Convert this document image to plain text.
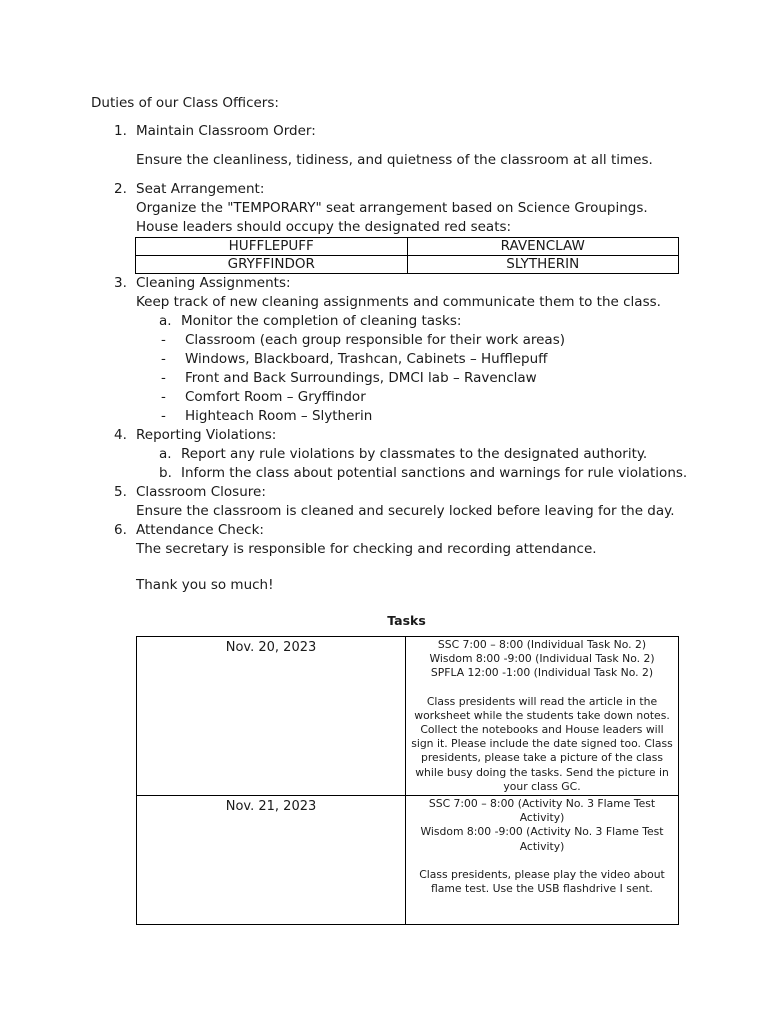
Duties of our Class Officers:
1. Maintain Classroom Order:
Ensure the cleanliness, tidiness, and quietness of the classroom at all times.
2. Seat Arrangement:
Organize the "TEMPORARY" seat arrangement based on Science Groupings.
House leaders should occupy the designated red seats:
HUFFLEPUFF	RAVENCLAW
GRYFFINDOR	SLYTHERIN
3. Cleaning Assignments:
Keep track of new cleaning assignments and communicate them to the class.
a. Monitor the completion of cleaning tasks:
- Classroom (each group responsible for their work areas)
- Windows, Blackboard, Trashcan, Cabinets – Hufflepuff
- Front and Back Surroundings, DMCI lab – Ravenclaw
- Comfort Room – Gryffindor
- Highteach Room – Slytherin
4. Reporting Violations:
a. Report any rule violations by classmates to the designated authority.
b. Inform the class about potential sanctions and warnings for rule violations.
5. Classroom Closure:
Ensure the classroom is cleaned and securely locked before leaving for the day.
6. Attendance Check:
The secretary is responsible for checking and recording attendance.
Thank you so much!
Tasks
Nov. 20, 2023	SSC 7:00 – 8:00 (Individual Task No. 2)
Wisdom 8:00 -9:00 (Individual Task No. 2)
SPFLA 12:00 -1:00 (Individual Task No. 2)
Class presidents will read the article in the worksheet while the students take down notes. Collect the notebooks and House leaders will sign it. Please include the date signed too. Class presidents, please take a picture of the class while busy doing the tasks. Send the picture in your class GC.

Nov. 21, 2023	SSC 7:00 – 8:00 (Activity No. 3 Flame Test Activity)
Wisdom 8:00 -9:00 (Activity No. 3 Flame Test Activity)
Class presidents, please play the video about flame test. Use the USB flashdrive I sent.
